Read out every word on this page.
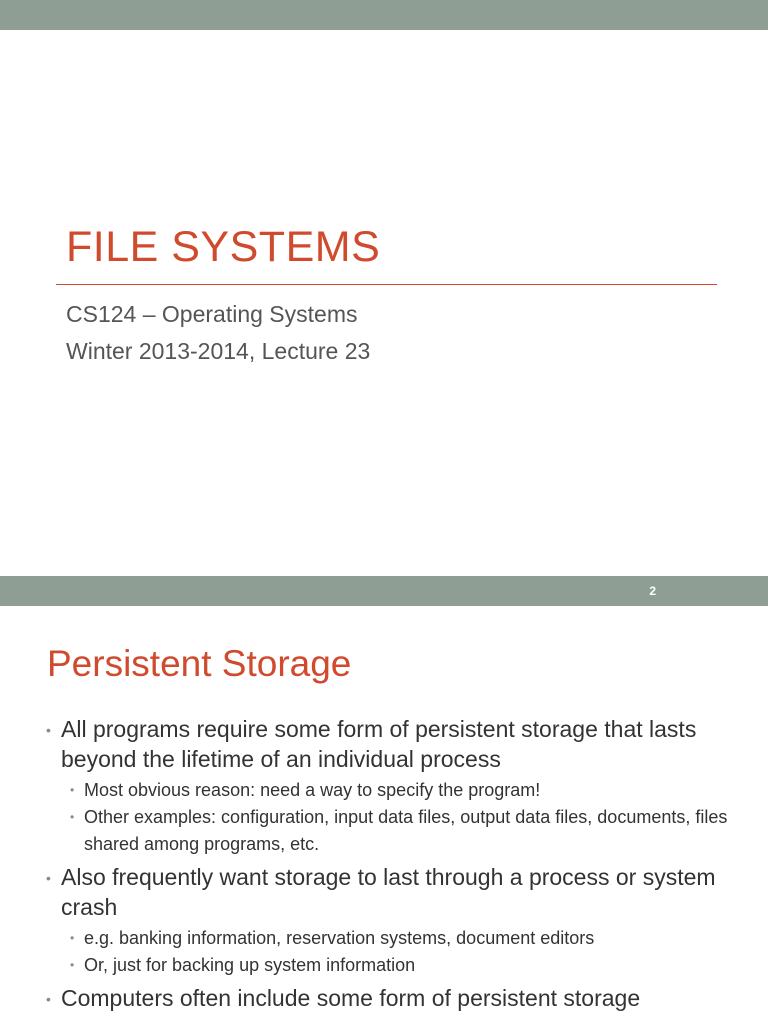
FILE SYSTEMS

CS124 – Operating Systems

Winter 2013-2014, Lecture 23

2
Persistent Storage
• All programs require some form of persistent storage that lasts beyond the lifetime of an individual process
• Most obvious reason: need a way to specify the program!
• Other examples: configuration, input data files, output data files, documents, files shared among programs, etc.
• Also frequently want storage to last through a process or system crash
• e.g. banking information, reservation systems, document editors
• Or, just for backing up system information
• Computers often include some form of persistent storage
